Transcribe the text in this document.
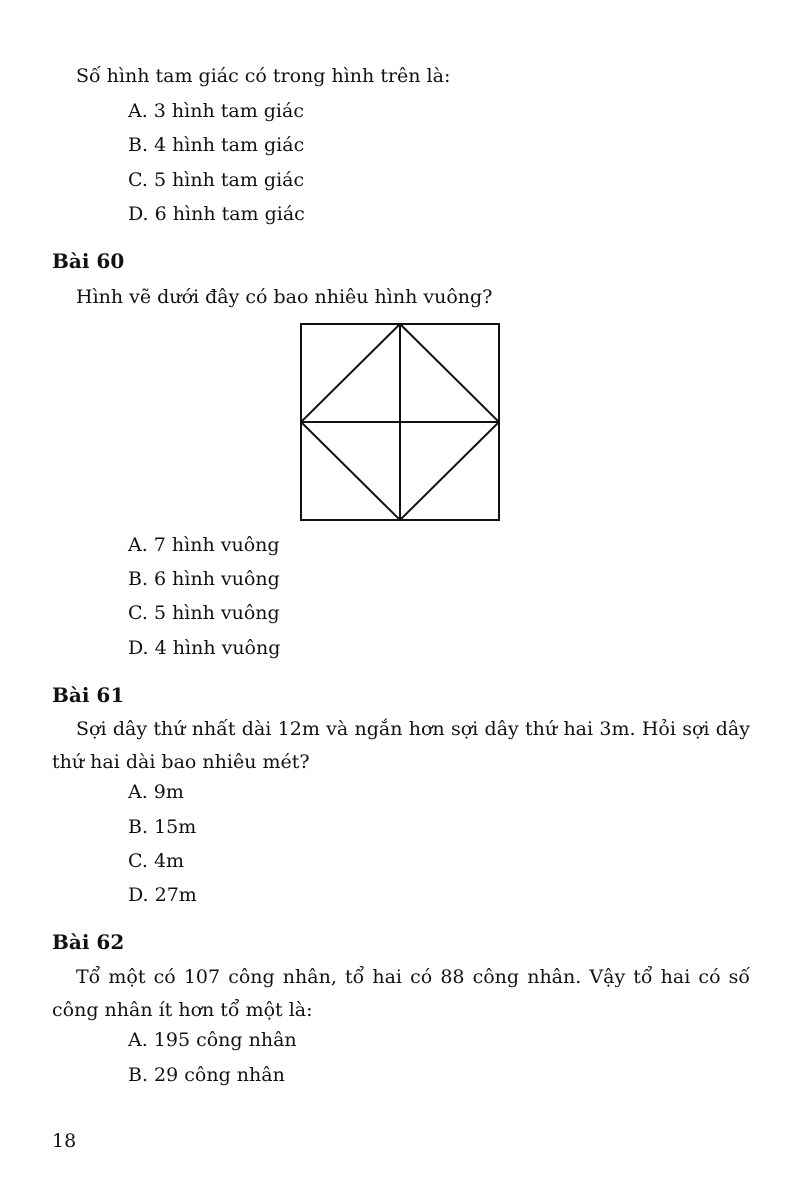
Số hình tam giác có trong hình trên là:
A. 3 hình tam giác
B. 4 hình tam giác
C. 5 hình tam giác
D. 6 hình tam giác
Bài 60
Hình vẽ dưới đây có bao nhiêu hình vuông?
A. 7 hình vuông
B. 6 hình vuông
C. 5 hình vuông
D. 4 hình vuông
Bài 61
Sợi dây thứ nhất dài 12m và ngắn hơn sợi dây thứ hai 3m. Hỏi sợi dây thứ hai dài bao nhiêu mét?
A. 9m
B. 15m
C. 4m
D. 27m
Bài 62
Tổ một có 107 công nhân, tổ hai có 88 công nhân. Vậy tổ hai có số công nhân ít hơn tổ một là:
A. 195 công nhân
B. 29 công nhân
18
